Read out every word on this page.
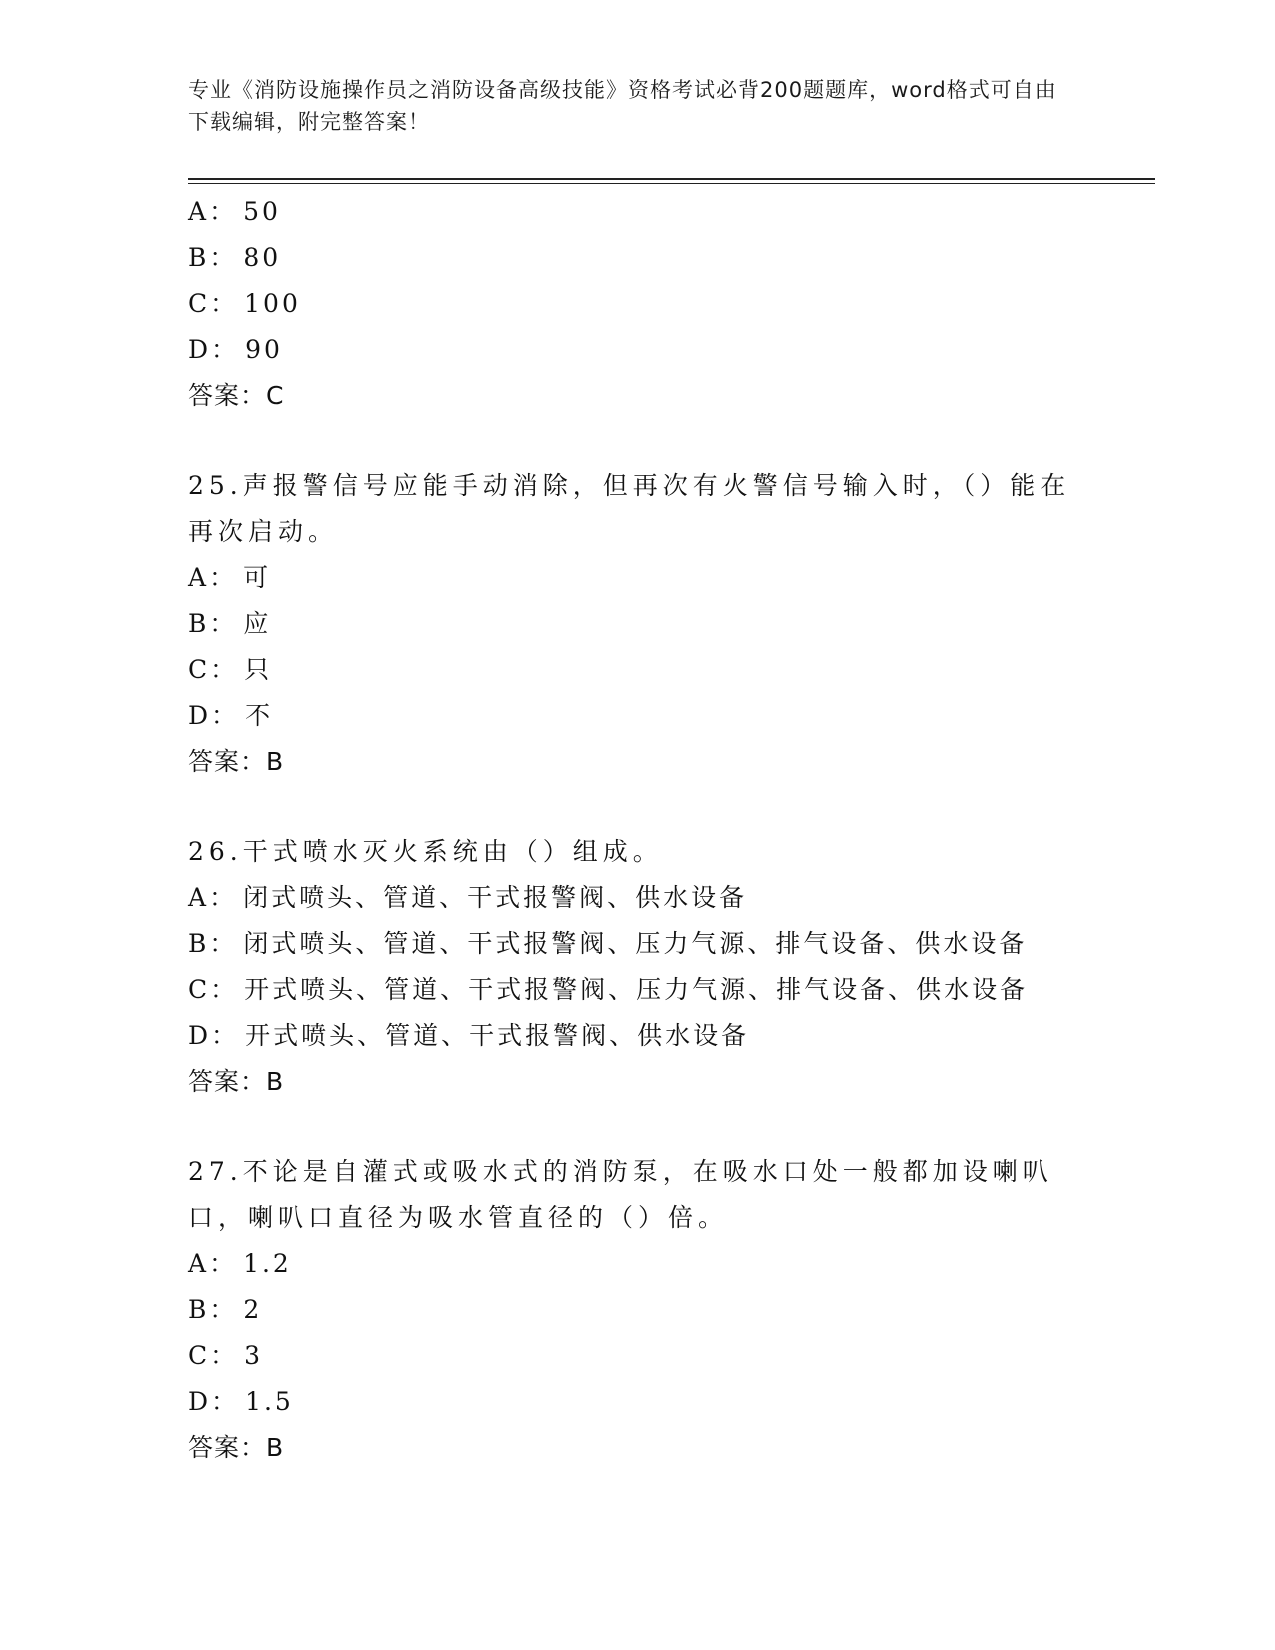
专业《消防设施操作员之消防设备高级技能》资格考试必背200题题库，word格式可自由下载编辑，附完整答案！
A： 50
B： 80
C： 100
D： 90
答案：C
25.声报警信号应能手动消除，但再次有火警信号输入时，（）能在再次启动。
A： 可
B： 应
C： 只
D： 不
答案：B
26.干式喷水灭火系统由（）组成。
A： 闭式喷头、管道、干式报警阀、供水设备
B： 闭式喷头、管道、干式报警阀、压力气源、排气设备、供水设备
C： 开式喷头、管道、干式报警阀、压力气源、排气设备、供水设备
D： 开式喷头、管道、干式报警阀、供水设备
答案：B
27.不论是自灌式或吸水式的消防泵，在吸水口处一般都加设喇叭口，喇叭口直径为吸水管直径的（）倍。
A： 1.2
B： 2
C： 3
D： 1.5
答案：B
